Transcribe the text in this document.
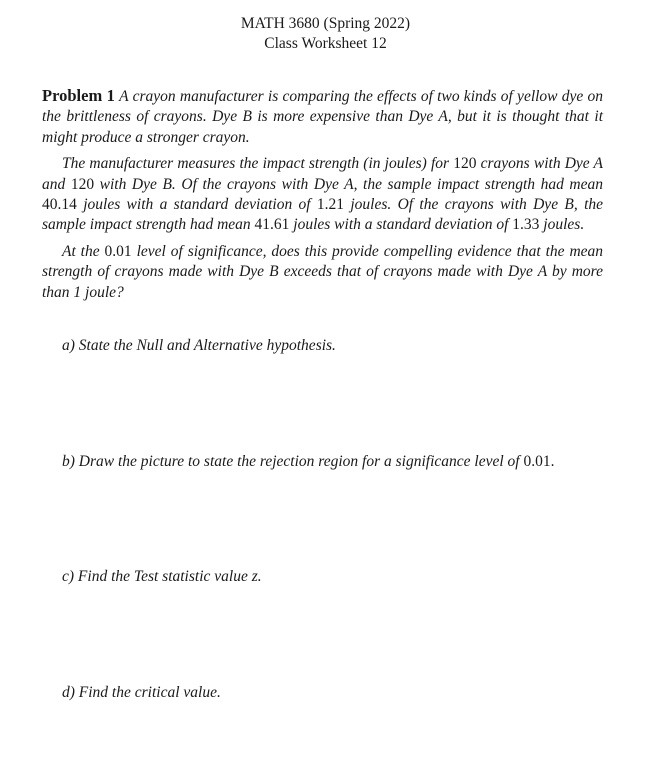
MATH 3680 (Spring 2022)
Class Worksheet 12

Problem 1 A crayon manufacturer is comparing the effects of two kinds of yellow dye on the brittleness of crayons. Dye B is more expensive than Dye A, but it is thought that it might produce a stronger crayon.

The manufacturer measures the impact strength (in joules) for 120 crayons with Dye A and 120 with Dye B. Of the crayons with Dye A, the sample impact strength had mean 40.14 joules with a standard deviation of 1.21 joules. Of the crayons with Dye B, the sample impact strength had mean 41.61 joules with a standard deviation of 1.33 joules.

At the 0.01 level of significance, does this provide compelling evidence that the mean strength of crayons made with Dye B exceeds that of crayons made with Dye A by more than 1 joule?

a) State the Null and Alternative hypothesis.
b) Draw the picture to state the rejection region for a significance level of 0.01.
c) Find the Test statistic value z.
d) Find the critical value.
